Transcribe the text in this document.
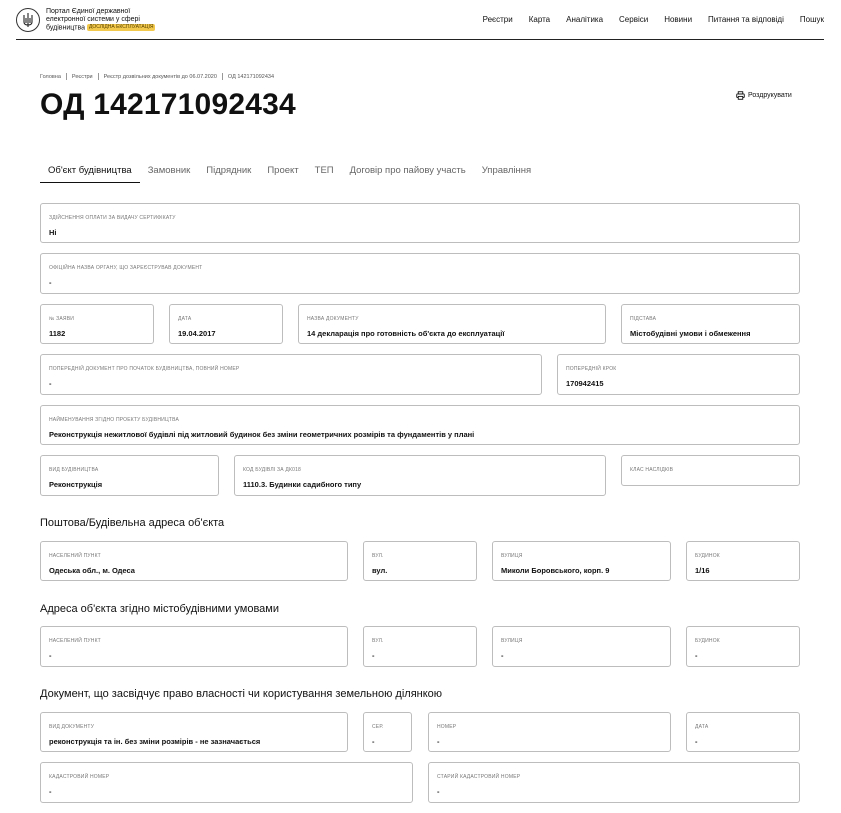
Портал Єдиної державної
електронної системи у сфері
будівництва ДОСЛІДНА ЕКСПЛУАТАЦІЯ
Реєстри Карта Аналітика Сервіси Новини Питання та відповіді Пошук
Головна Реєстри Реєстр дозвільних документів до 06.07.2020 ОД 142171092434
ОД 142171092434	Роздрукувати
Об'єкт будівництва	Замовник	Підрядник	Проект	ТЕП	Договір про пайову участь	Управління
ЗДІЙСНЕННЯ ОПЛАТИ ЗА ВИДАЧУ СЕРТИФІКАТУ
Ні
ОФІЦІЙНА НАЗВА ОРГАНУ, ЩО ЗАРЕЄСТРУВАВ ДОКУМЕНТ
-
№ ЗАЯВИ
1182
ДАТА
19.04.2017
НАЗВА ДОКУМЕНТУ
14 декларація про готовність об'єкта до експлуатації
ПІДСТАВА
Містобудівні умови і обмеження
ПОПЕРЕДНІЙ ДОКУМЕНТ ПРО ПОЧАТОК БУДІВНИЦТВА, ПОВНИЙ НОМЕР
-
ПОПЕРЕДНІЙ КРОК
170942415
НАЙМЕНУВАННЯ ЗГІДНО ПРОЕКТУ БУДІВНИЦТВА
Реконструкція нежитлової будівлі під житловий будинок без зміни геометричних розмірів та фундаментів у плані
ВИД БУДІВНИЦТВА
Реконструкція
КОД БУДІВЛІ ЗА ДК018
1110.3. Будинки садибного типу
КЛАС НАСЛІДКІВ
Поштова/Будівельна адреса об'єкта
НАСЕЛЕНИЙ ПУНКТ
Одеська обл., м. Одеса
ВУЛ.
вул.
ВУЛИЦЯ
Миколи Боровського, корп. 9
БУДИНОК
1/16
Адреса об'єкта згідно містобудівними умовами
НАСЕЛЕНИЙ ПУНКТ
-
ВУЛ.
-
ВУЛИЦЯ
-
БУДИНОК
-
Документ, що засвідчує право власності чи користування земельною ділянкою
ВИД ДОКУМЕНТУ
реконструкція та ін. без зміни розмірів - не зазначається
СЕР.
-
НОМЕР
-
ДАТА
-
КАДАСТРОВИЙ НОМЕР
-
СТАРИЙ КАДАСТРОВИЙ НОМЕР
-
